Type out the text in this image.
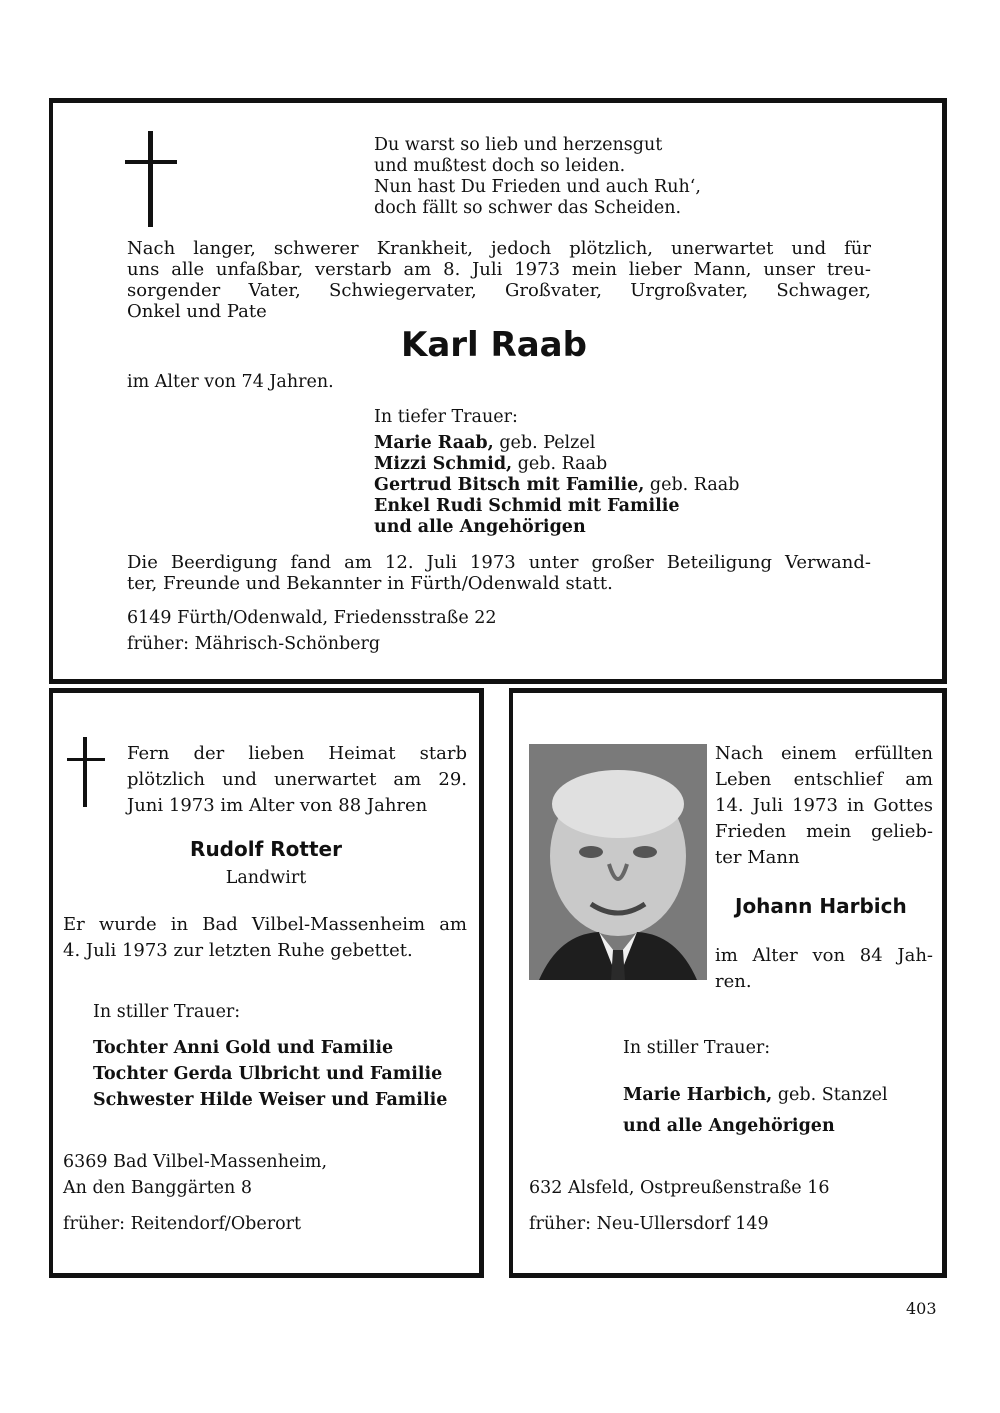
Du warst so lieb und herzensgut

und mußtest doch so leiden.

Nun hast Du Frieden und auch Ruh‘,

doch fällt so schwer das Scheiden.

Nach langer, schwerer Krankheit, jedoch plötzlich, unerwartet und für

uns alle unfaßbar, verstarb am 8. Juli 1973 mein lieber Mann, unser treu-

sorgender Vater, Schwiegervater, Großvater, Urgroßvater, Schwager,

Onkel und Pate

Karl Raab

im Alter von 74 Jahren.

In tiefer Trauer:

Marie Raab, geb. Pelzel

Mizzi Schmid, geb. Raab

Gertrud Bitsch mit Familie, geb. Raab

Enkel Rudi Schmid mit Familie

und alle Angehörigen

Die Beerdigung fand am 12. Juli 1973 unter großer Beteiligung Verwand-

ter, Freunde und Bekannter in Fürth/Odenwald statt.

6149 Fürth/Odenwald, Friedensstraße 22

früher: Mährisch-Schönberg

Fern der lieben Heimat starb

plötzlich und unerwartet am 29.

Juni 1973 im Alter von 88 Jahren

Rudolf Rotter

Landwirt

Er wurde in Bad Vilbel-Massenheim am

4. Juli 1973 zur letzten Ruhe gebettet.

In stiller Trauer:

Tochter Anni Gold und Familie

Tochter Gerda Ulbricht und Familie

Schwester Hilde Weiser und Familie

6369 Bad Vilbel-Massenheim,

An den Banggärten 8

früher: Reitendorf/Oberort

Nach einem erfüllten

Leben entschlief am

14. Juli 1973 in Gottes

Frieden mein gelieb-

ter Mann

Johann Harbich

im Alter von 84 Jah-

ren.

In stiller Trauer:

Marie Harbich, geb. Stanzel

und alle Angehörigen

632 Alsfeld, Ostpreußenstraße 16

früher: Neu-Ullersdorf 149

403
